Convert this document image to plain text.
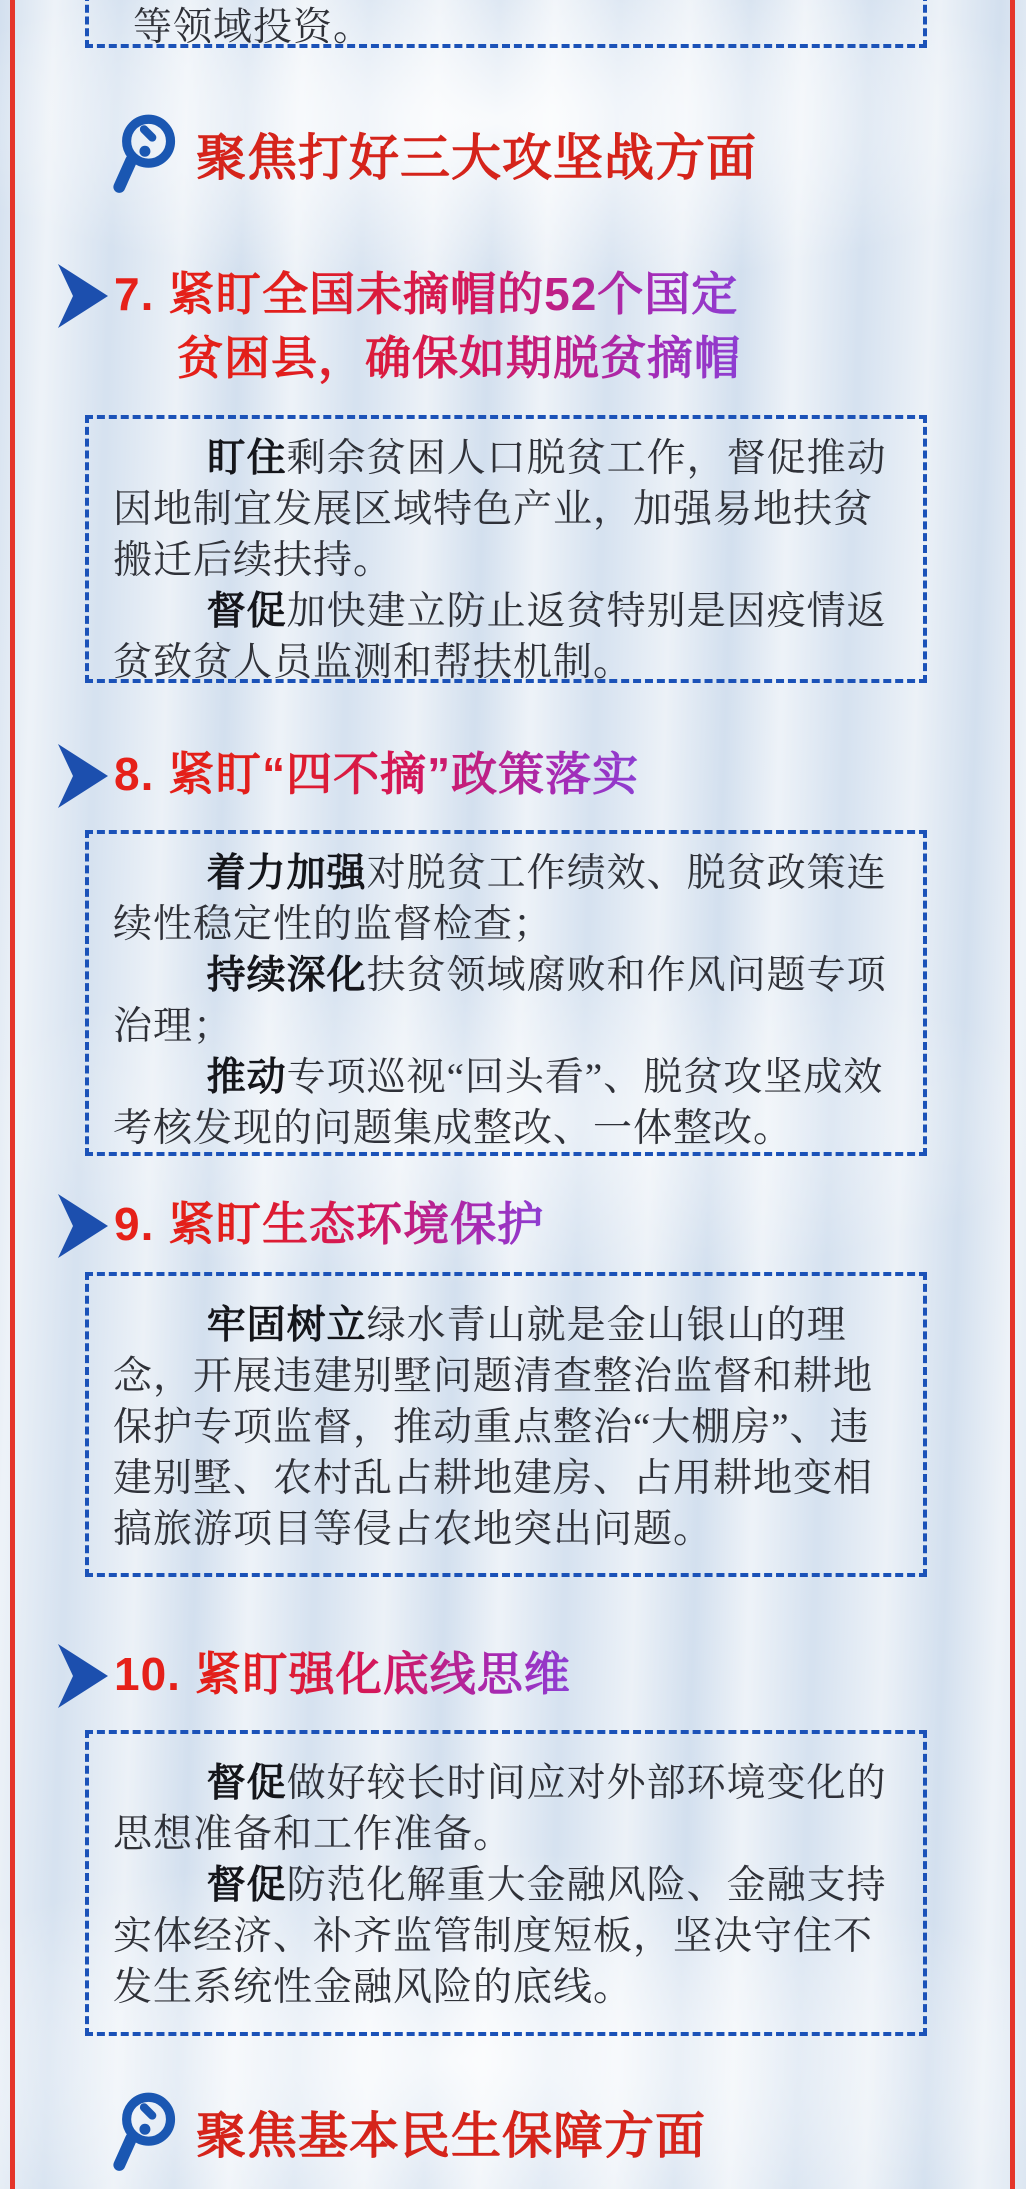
等领域投资。

聚焦打好三大攻坚战方面
7. 紧盯全国未摘帽的52个国定
贫困县，确保如期脱贫摘帽

盯住剩余贫困人口脱贫工作，督促推动因地制宜发展区域特色产业，加强易地扶贫搬迁后续扶持。

督促加快建立防止返贫特别是因疫情返贫致贫人员监测和帮扶机制。

8. 紧盯“四不摘”政策落实

着力加强对脱贫工作绩效、脱贫政策连续性稳定性的监督检查；

持续深化扶贫领域腐败和作风问题专项治理；

推动专项巡视“回头看”、脱贫攻坚成效考核发现的问题集成整改、一体整改。

9. 紧盯生态环境保护

牢固树立绿水青山就是金山银山的理念，开展违建别墅问题清查整治监督和耕地保护专项监督，推动重点整治“大棚房”、违建别墅、农村乱占耕地建房、占用耕地变相搞旅游项目等侵占农地突出问题。

10. 紧盯强化底线思维

督促做好较长时间应对外部环境变化的思想准备和工作准备。

督促防范化解重大金融风险、金融支持实体经济、补齐监管制度短板，坚决守住不发生系统性金融风险的底线。

聚焦基本民生保障方面
